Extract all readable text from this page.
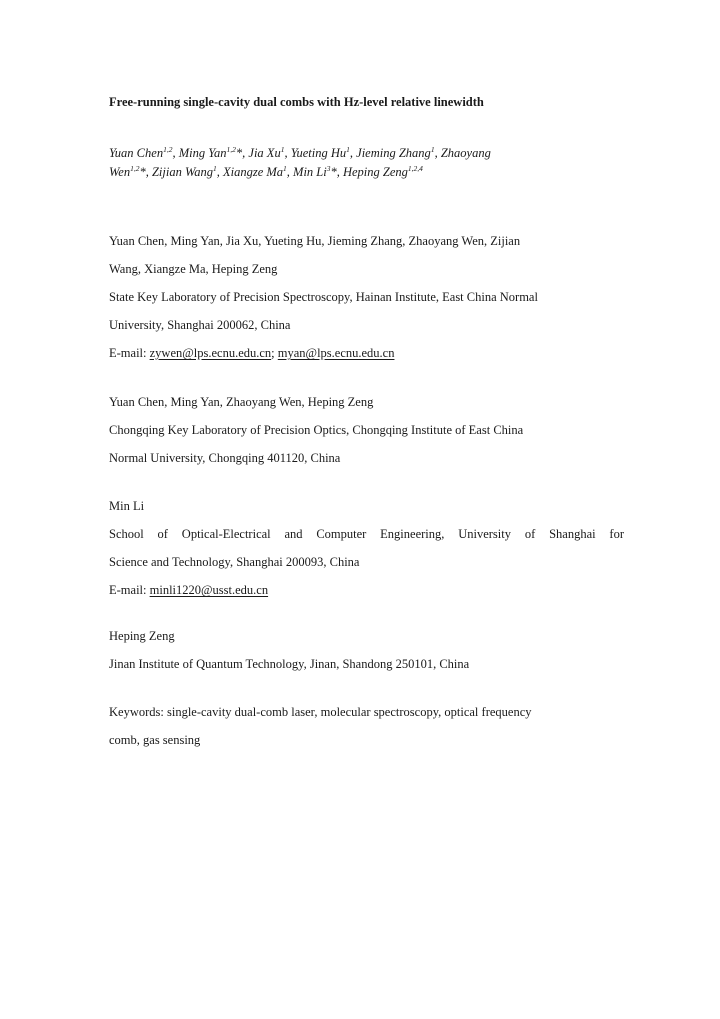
Free-running single-cavity dual combs with Hz-level relative linewidth
Yuan Chen$^{1,2}$, Ming Yan$^{1,2}$*, Jia Xu$^1$, Yueting Hu$^1$, Jieming Zhang$^1$, Zhaoyang
Wen$^{1,2}$*, Zijian Wang$^1$, Xiangze Ma$^1$, Min Li$^3$*, Heping Zeng$^{1,2,4}$
Yuan Chen, Ming Yan, Jia Xu, Yueting Hu, Jieming Zhang, Zhaoyang Wen, Zijian
Wang, Xiangze Ma, Heping Zeng
State Key Laboratory of Precision Spectroscopy, Hainan Institute, East China Normal
University, Shanghai 200062, China
E-mail: zywen@lps.ecnu.edu.cn; myan@lps.ecnu.edu.cn
Yuan Chen, Ming Yan, Zhaoyang Wen, Heping Zeng
Chongqing Key Laboratory of Precision Optics, Chongqing Institute of East China
Normal University, Chongqing 401120, China
Min Li
School of Optical-Electrical and Computer Engineering, University of Shanghai for
Science and Technology, Shanghai 200093, China
E-mail: minli1220@usst.edu.cn
Heping Zeng
Jinan Institute of Quantum Technology, Jinan, Shandong 250101, China
Keywords: single-cavity dual-comb laser, molecular spectroscopy, optical frequency
comb, gas sensing
